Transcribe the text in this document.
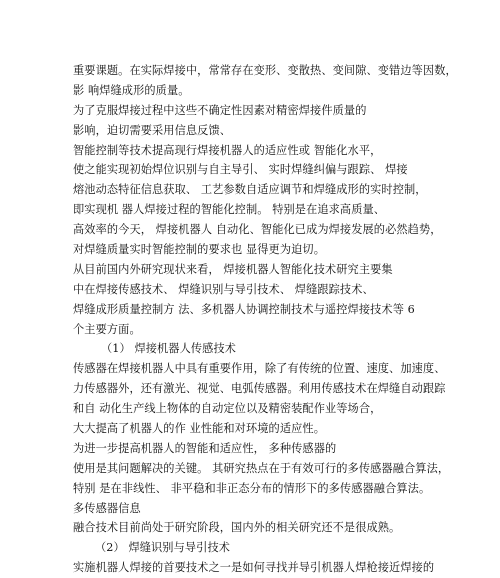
重要课题。在实际焊接中，常常存在变形、变散热、变间隙、变错边等因数，
影 响焊缝成形的质量。
为了克服焊接过程中这些不确定性因素对精密焊接件质量的
影响，迫切需要采用信息反馈、
智能控制等技术提高现行焊接机器人的适应性或 智能化水平，
使之能实现初始焊位识别与自主导引、 实时焊缝纠偏与跟踪、 焊接
熔池动态特征信息获取、 工艺参数自适应调节和焊缝成形的实时控制，
即实现机 器人焊接过程的智能化控制。 特别是在追求高质量、
高效率的今天， 焊接机器人 自动化、智能化已成为焊接发展的必然趋势，
对焊缝质量实时智能控制的要求也 显得更为迫切。
从目前国内外研究现状来看， 焊接机器人智能化技术研究主要集
中在焊接传感技术、 焊缝识别与导引技术、 焊缝跟踪技术、
焊缝成形质量控制方 法、多机器人协调控制技术与遥控焊接技术等 6
个主要方面。
（1） 焊接机器人传感技术
传感器在焊接机器人中具有重要作用，除了有传统的位置、速度、加速度、
力传感器外，还有激光、视觉、电弧传感器。利用传感技术在焊缝自动跟踪
和自 动化生产线上物体的自动定位以及精密装配作业等场合，
大大提高了机器人的作 业性能和对环境的适应性。
为进一步提高机器人的智能和适应性， 多种传感器的
使用是其问题解决的关键。 其研究热点在于有效可行的多传感器融合算法，
特别 是在非线性、 非平稳和非正态分布的情形下的多传感器融合算法。
多传感器信息
融合技术目前尚处于研究阶段，国内外的相关研究还不是很成熟。
（2） 焊缝识别与导引技术
实施机器人焊接的首要技术之一是如何寻找并导引机器人焊枪接近焊接的
